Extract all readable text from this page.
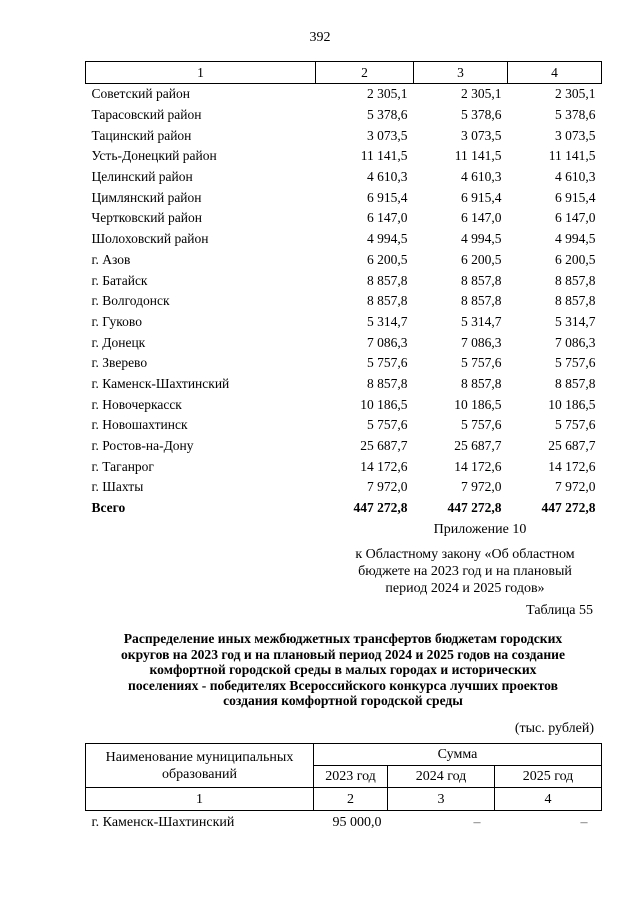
392
1	2	3	4
Советский район	2 305,1	2 305,1	2 305,1
Тарасовский район	5 378,6	5 378,6	5 378,6
Тацинский район	3 073,5	3 073,5	3 073,5
Усть-Донецкий район	11 141,5	11 141,5	11 141,5
Целинский район	4 610,3	4 610,3	4 610,3
Цимлянский район	6 915,4	6 915,4	6 915,4
Чертковский район	6 147,0	6 147,0	6 147,0
Шолоховский район	4 994,5	4 994,5	4 994,5
г. Азов	6 200,5	6 200,5	6 200,5
г. Батайск	8 857,8	8 857,8	8 857,8
г. Волгодонск	8 857,8	8 857,8	8 857,8
г. Гуково	5 314,7	5 314,7	5 314,7
г. Донецк	7 086,3	7 086,3	7 086,3
г. Зверево	5 757,6	5 757,6	5 757,6
г. Каменск-Шахтинский	8 857,8	8 857,8	8 857,8
г. Новочеркасск	10 186,5	10 186,5	10 186,5
г. Новошахтинск	5 757,6	5 757,6	5 757,6
г. Ростов-на-Дону	25 687,7	25 687,7	25 687,7
г. Таганрог	14 172,6	14 172,6	14 172,6
г. Шахты	7 972,0	7 972,0	7 972,0
Всего	447 272,8	447 272,8	447 272,8
Приложение 10
к Областному закону «Об областном
бюджете на 2023 год и на плановый
период 2024 и 2025 годов»
Таблица 55
Распределение иных межбюджетных трансфертов бюджетам городских
округов на 2023 год и на плановый период 2024 и 2025 годов на создание
комфортной городской среды в малых городах и исторических
поселениях - победителях Всероссийского конкурса лучших проектов
создания комфортной городской среды
(тыс. рублей)
Наименование муниципальных
образований	Сумма		
	2023 год	2024 год	2025 год
1	2	3	4
г. Каменск-Шахтинский	95 000,0	–	–
